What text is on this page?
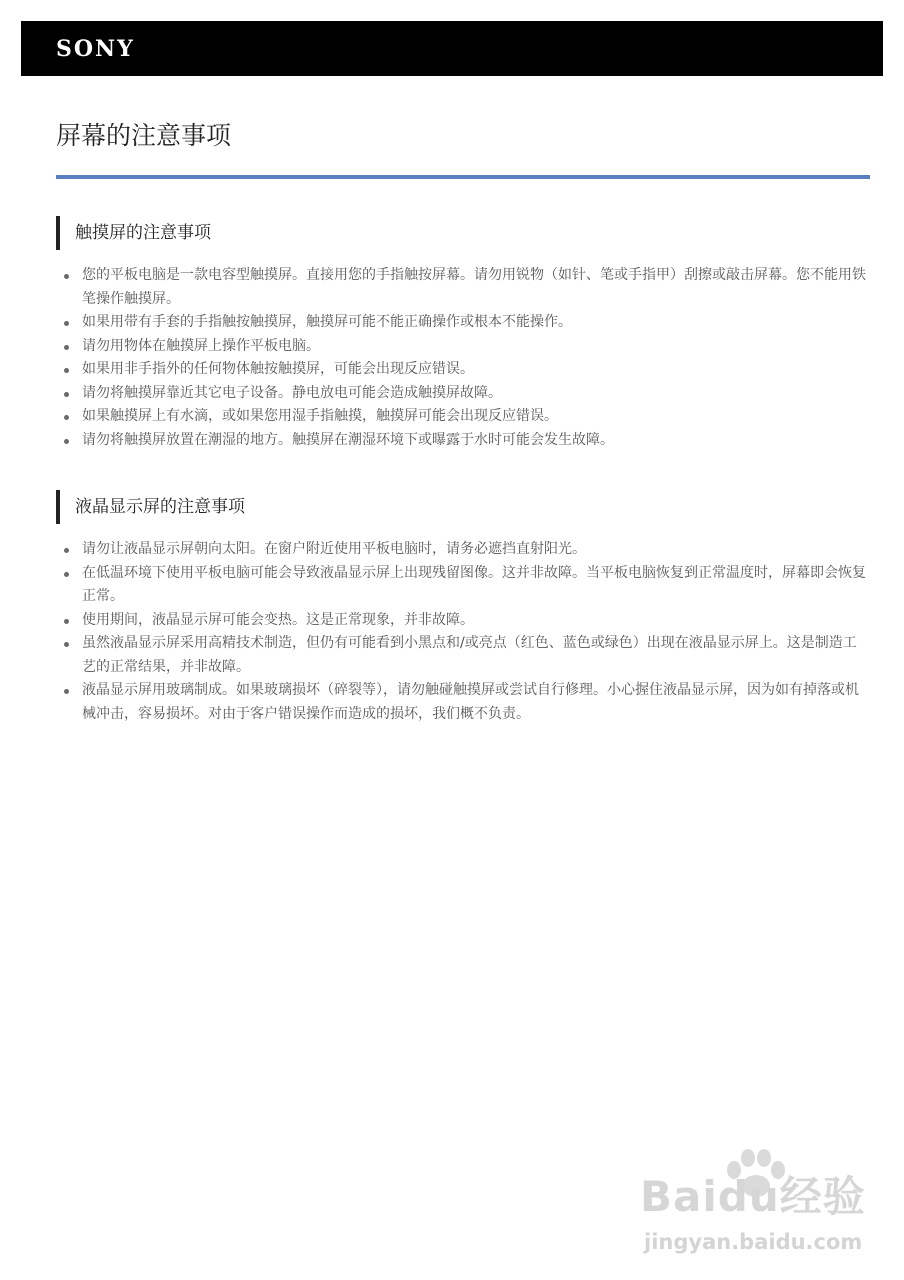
SONY
屏幕的注意事项
触摸屏的注意事项
您的平板电脑是一款电容型触摸屏。直接用您的手指触按屏幕。请勿用锐物（如针、笔或手指甲）刮擦或敲击屏幕。您不能用铁笔操作触摸屏。
如果用带有手套的手指触按触摸屏，触摸屏可能不能正确操作或根本不能操作。
请勿用物体在触摸屏上操作平板电脑。
如果用非手指外的任何物体触按触摸屏，可能会出现反应错误。
请勿将触摸屏靠近其它电子设备。静电放电可能会造成触摸屏故障。
如果触摸屏上有水滴，或如果您用湿手指触摸，触摸屏可能会出现反应错误。
请勿将触摸屏放置在潮湿的地方。触摸屏在潮湿环境下或曝露于水时可能会发生故障。
液晶显示屏的注意事项
请勿让液晶显示屏朝向太阳。在窗户附近使用平板电脑时，请务必遮挡直射阳光。
在低温环境下使用平板电脑可能会导致液晶显示屏上出现残留图像。这并非故障。当平板电脑恢复到正常温度时，屏幕即会恢复正常。
使用期间，液晶显示屏可能会变热。这是正常现象，并非故障。
虽然液晶显示屏采用高精技术制造，但仍有可能看到小黑点和/或亮点（红色、蓝色或绿色）出现在液晶显示屏上。这是制造工艺的正常结果，并非故障。
液晶显示屏用玻璃制成。如果玻璃损坏（碎裂等），请勿触碰触摸屏或尝试自行修理。小心握住液晶显示屏，因为如有掉落或机械冲击，容易损坏。对由于客户错误操作而造成的损坏，我们概不负责。
Baidu经验
jingyan.baidu.com
